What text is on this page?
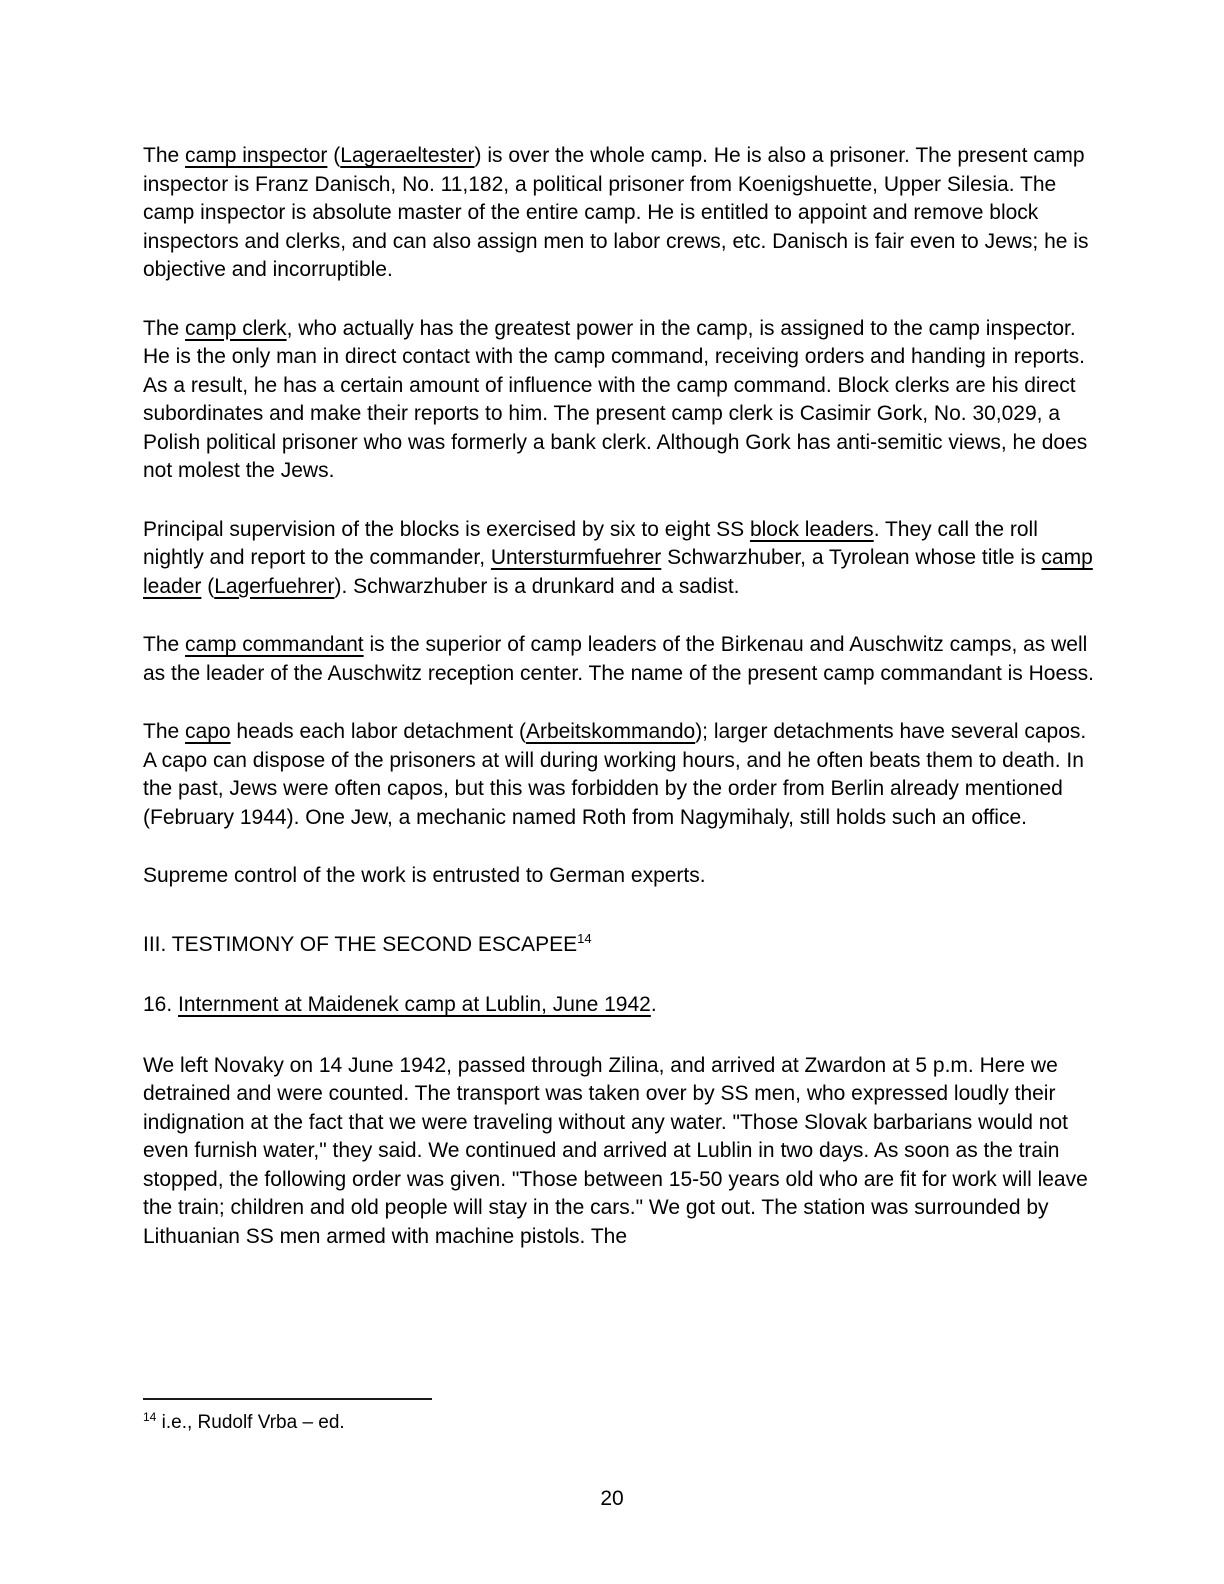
The camp inspector (Lageraeltester) is over the whole camp. He is also a prisoner. The present camp inspector is Franz Danisch, No. 11,182, a political prisoner from Koenigshuette, Upper Silesia. The camp inspector is absolute master of the entire camp. He is entitled to appoint and remove block inspectors and clerks, and can also assign men to labor crews, etc. Danisch is fair even to Jews; he is objective and incorruptible.

The camp clerk, who actually has the greatest power in the camp, is assigned to the camp inspector. He is the only man in direct contact with the camp command, receiving orders and handing in reports. As a result, he has a certain amount of influence with the camp command. Block clerks are his direct subordinates and make their reports to him. The present camp clerk is Casimir Gork, No. 30,029, a Polish political prisoner who was formerly a bank clerk. Although Gork has anti-semitic views, he does not molest the Jews.

Principal supervision of the blocks is exercised by six to eight SS block leaders. They call the roll nightly and report to the commander, Untersturmfuehrer Schwarzhuber, a Tyrolean whose title is camp leader (Lagerfuehrer). Schwarzhuber is a drunkard and a sadist.

The camp commandant is the superior of camp leaders of the Birkenau and Auschwitz camps, as well as the leader of the Auschwitz reception center. The name of the present camp commandant is Hoess.

The capo heads each labor detachment (Arbeitskommando); larger detachments have several capos. A capo can dispose of the prisoners at will during working hours, and he often beats them to death. In the past, Jews were often capos, but this was forbidden by the order from Berlin already mentioned (February 1944). One Jew, a mechanic named Roth from Nagymihaly, still holds such an office.

Supreme control of the work is entrusted to German experts.

III. TESTIMONY OF THE SECOND ESCAPEE$^{14}$

16. Internment at Maidenek camp at Lublin, June 1942.

We left Novaky on 14 June 1942, passed through Zilina, and arrived at Zwardon at 5 p.m. Here we detrained and were counted. The transport was taken over by SS men, who expressed loudly their indignation at the fact that we were traveling without any water. "Those Slovak barbarians would not even furnish water," they said. We continued and arrived at Lublin in two days. As soon as the train stopped, the following order was given. "Those between 15-50 years old who are fit for work will leave the train; children and old people will stay in the cars." We got out. The station was surrounded by Lithuanian SS men armed with machine pistols. The

$^{14}$ i.e., Rudolf Vrba – ed.
20
